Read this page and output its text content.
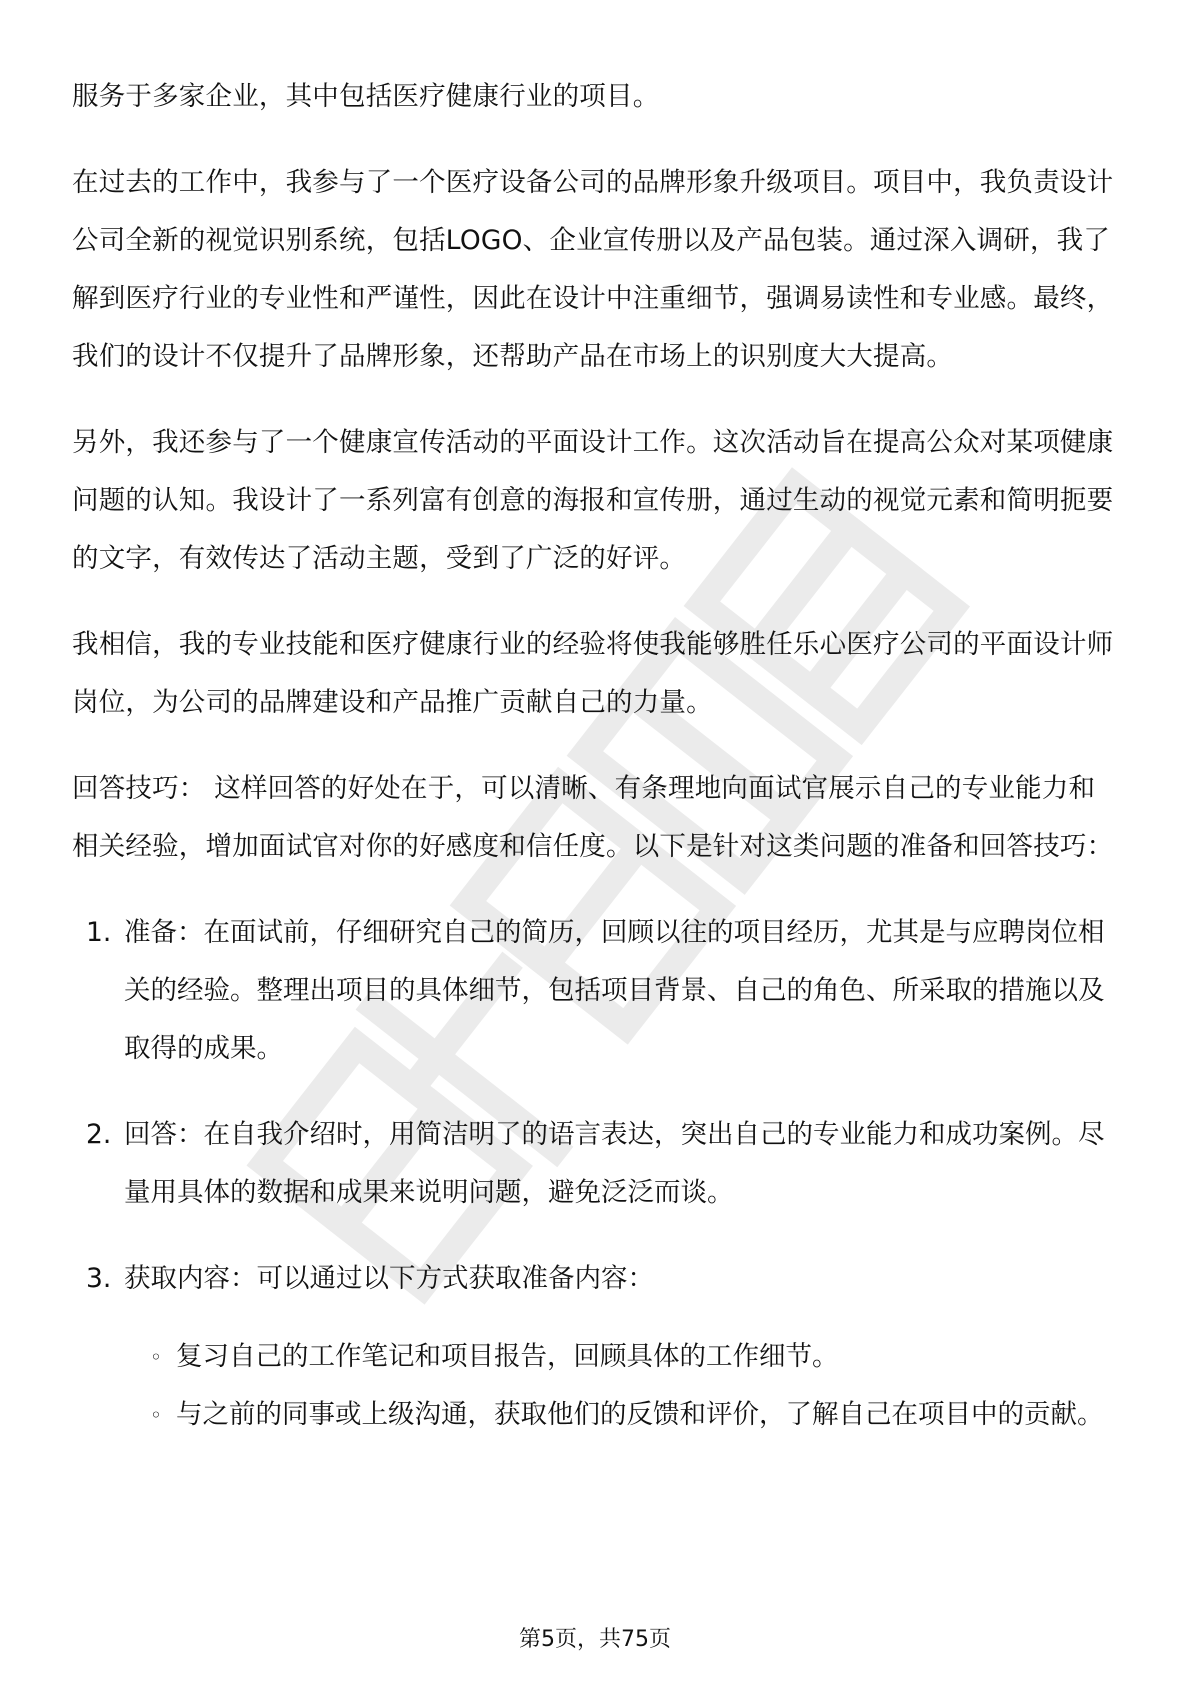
服务于多家企业，其中包括医疗健康行业的项目。

在过去的工作中，我参与了一个医疗设备公司的品牌形象升级项目。项目中，我负责设计公司全新的视觉识别系统，包括LOGO、企业宣传册以及产品包装。通过深入调研，我了解到医疗行业的专业性和严谨性，因此在设计中注重细节，强调易读性和专业感。最终，我们的设计不仅提升了品牌形象，还帮助产品在市场上的识别度大大提高。

另外，我还参与了一个健康宣传活动的平面设计工作。这次活动旨在提高公众对某项健康问题的认知。我设计了一系列富有创意的海报和宣传册，通过生动的视觉元素和简明扼要的文字，有效传达了活动主题，受到了广泛的好评。

我相信，我的专业技能和医疗健康行业的经验将使我能够胜任乐心医疗公司的平面设计师岗位，为公司的品牌建设和产品推广贡献自己的力量。

回答技巧： 这样回答的好处在于，可以清晰、有条理地向面试官展示自己的专业能力和相关经验，增加面试官对你的好感度和信任度。以下是针对这类问题的准备和回答技巧：

1. 准备：在面试前，仔细研究自己的简历，回顾以往的项目经历，尤其是与应聘岗位相关的经验。整理出项目的具体细节，包括项目背景、自己的角色、所采取的措施以及取得的成果。
2. 回答：在自我介绍时，用简洁明了的语言表达，突出自己的专业能力和成功案例。尽量用具体的数据和成果来说明问题，避免泛泛而谈。
3. 获取内容：可以通过以下方式获取准备内容：
◦ 复习自己的工作笔记和项目报告，回顾具体的工作细节。
◦ 与之前的同事或上级沟通，获取他们的反馈和评价，了解自己在项目中的贡献。
第5页，共75页
